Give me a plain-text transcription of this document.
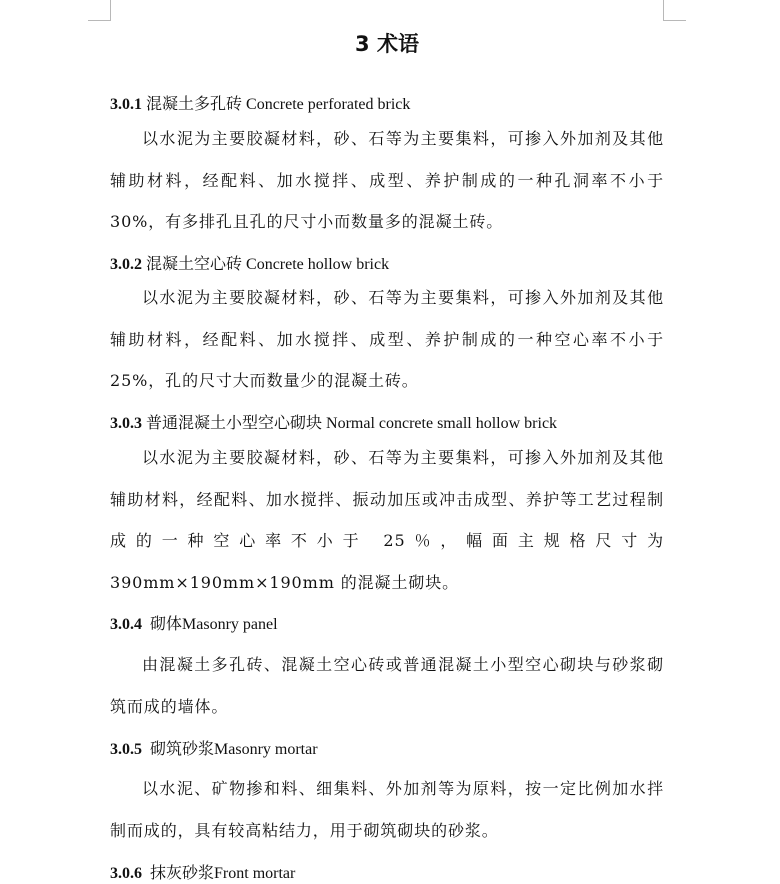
3 术语
3.0.1 混凝土多孔砖 Concrete perforated brick

以水泥为主要胶凝材料，砂、石等为主要集料，可掺入外加剂及其他辅助材料，经配料、加水搅拌、成型、养护制成的一种孔洞率不小于30%，有多排孔且孔的尺寸小而数量多的混凝土砖。

3.0.2 混凝土空心砖 Concrete hollow brick

以水泥为主要胶凝材料，砂、石等为主要集料，可掺入外加剂及其他辅助材料，经配料、加水搅拌、成型、养护制成的一种空心率不小于 25%，孔的尺寸大而数量少的混凝土砖。

3.0.3 普通混凝土小型空心砌块 Normal concrete small hollow brick

以水泥为主要胶凝材料，砂、石等为主要集料，可掺入外加剂及其他辅助材料，经配料、加水搅拌、振动加压或冲击成型、养护等工艺过程制成的一种空心率不小于 25％，幅面主规格尺寸为 390mm×190mm×190mm 的混凝土砌块。

3.0.4 砌体Masonry panel

由混凝土多孔砖、混凝土空心砖或普通混凝土小型空心砌块与砂浆砌筑而成的墙体。

3.0.5 砌筑砂浆Masonry mortar

以水泥、矿物掺和料、细集料、外加剂等为原料，按一定比例加水拌制而成的，具有较高粘结力，用于砌筑砌块的砂浆。

3.0.6 抹灰砂浆Front mortar
